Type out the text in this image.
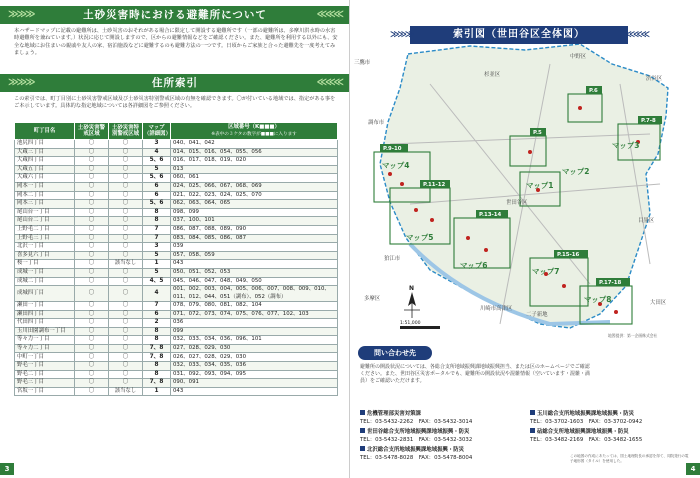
≫≫≫	土砂災害時における避難所について	≪≪≪
本ハザードマップに記載の避難所は、土砂災害のおそれがある場合に限定して開設する避難所です（一部の避難所は、多摩川洪水時の水害時避難所を兼ねています。）状況に応じて開設しますので、区からの避難情報などをご確認ください。また、避難所を利用する以外にも、安全な地域にお住まいの親戚や友人の家、宿泊施設などに避難するのも避難方法の一つです。日頃からご家族と合った避難先を一度考えてみましょう。
≫≫≫	住所索引	≪≪≪
この索引では、町丁目別に土砂災害警戒区域及び土砂災害特別警戒区域の有無を確認できます。〇が付いている地域では、指定がある事をご本示しています。具体的な指定地域については各詳細図をご参照ください。
町丁目名	土砂災害警戒区域	土砂災害特別警戒区域	マップ（詳細図）	区域番号（K■■■）
※表中の３ケタの数字が■■■に入ります
池尻四丁目	〇	〇	3	040、041、042
大蔵三丁目	〇	〇	4	014、015、016、054、055、056
大蔵四丁目	〇	〇	5、6	016、017、018、019、020
大蔵五丁目	〇	〇	5	013
大蔵六丁目	〇	〇	5、6	060、061
岡本一丁目	〇	〇	6	024、025、066、067、068、069
岡本二丁目	〇	〇	6	021、022、023、024、025、070
岡本三丁目	〇	〇	5、6	062、063、064、065
尾山台一丁目	〇	〇	8	098、099
尾山台二丁目	〇	〇	8	037、100、101
上野毛二丁目	〇	〇	7	086、087、088、089、090
上野毛三丁目	〇	〇	7	083、084、085、086、087
北沢一丁目	〇	〇	3	039
喜多見六丁目	〇	〇	5	057、058、059
桜一丁目	〇	該当なし	1	043
成城一丁目	〇	〇	5	050、051、052、053
成城二丁目	〇	〇	4、5	045、046、047、048、049、050
成城四丁目	〇	〇	4	001、002、003、004、005、006、007、008、009、010、011、012、044、051（調布）、052（調布）
瀬田一丁目	〇	〇	7	078、079、080、081、082、104
瀬田四丁目	〇	〇	6	071、072、073、074、075、076、077、102、103
代田四丁目	〇	〇	2	036
玉川田園調布一丁目	〇	〇	8	099
等々力一丁目	〇	〇	8	032、033、034、036、096、101
等々力二丁目	〇	〇	7、8	027、028、029、030
中町一丁目	〇	〇	7、8	026、027、028、029、030
野毛一丁目	〇	〇	8	032、033、034、035、036
野毛二丁目	〇	〇	8	031、092、093、094、095
野毛三丁目	〇	〇	7、8	090、091
宮坂一丁目	〇	該当なし	1	043
3
≫≫≫	索引図（世田谷区全体図）	≪≪≪
P.6
P.7-8
P.9-10
P.5
P.11-12
P.13-14
P.15-16
P.17-18
マップ1
マップ2
マップ3
マップ4
マップ5
マップ6
マップ7
マップ8
世田谷区
杉並区
三鷹市
調布市
狛江市
目黒区
大田区
川崎市高津区
渋谷区
中野区
多摩区
二子新地
N
1:51,000
地図提供：第一企画株式会社
問い合わせ先
避難所の開設状況については、各総合支所地域振興課地域振興担当、または区のホームページでご確認ください。また、世田谷区災害ポータルでも、避難所の開設状況や混雑情報（空いています・混雑・満員）をご確認いただけます。
危機管理部災害対策課
TEL：03-5432-2262　 FAX：03-5432-3014
玉川総合支所地域振興課地域振興・防災
TEL：03-3702-1603　 FAX：03-3702-0942
世田谷総合支所地域振興課地域振興・防災
TEL：03-5432-2831　 FAX：03-5432-3032
砧総合支所地域振興課地域振興・防災
TEL：03-3482-2169　 FAX：03-3482-1655
北沢総合支所地域振興課地域振興・防災
TEL：03-5478-8028　 FAX：03-5478-8004	この地図の作成にあたっては、国土地理院長の承認を得て、同院発行の電子地形図（タイル）を使用した。
4
